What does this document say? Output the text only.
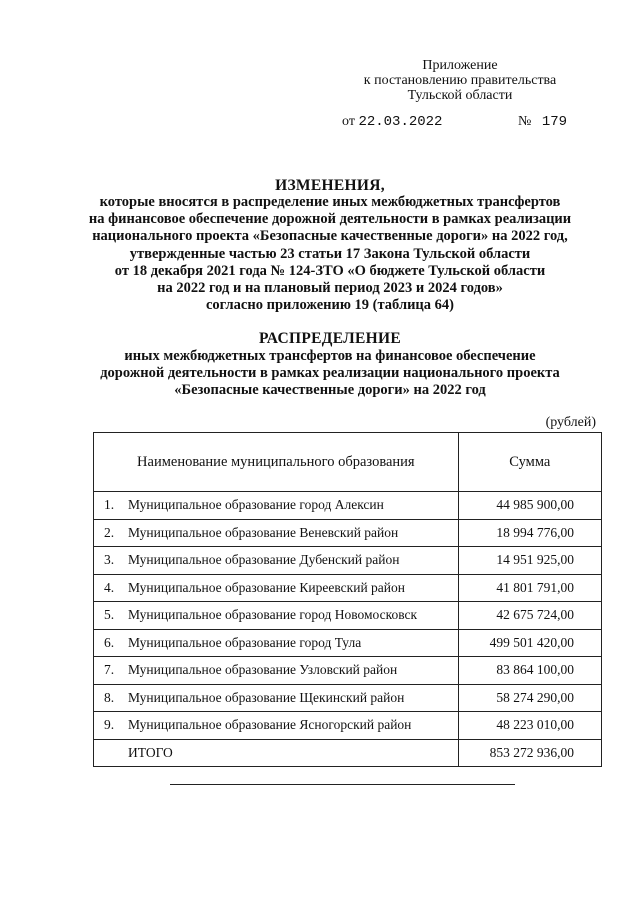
Приложение
к постановлению правительства
Тульской области
от 22.03.2022	№ 179
ИЗМЕНЕНИЯ,
которые вносятся в распределение иных межбюджетных трансфертов
на финансовое обеспечение дорожной деятельности в рамках реализации
национального проекта «Безопасные качественные дороги» на 2022 год,
утвержденные частью 23 статьи 17 Закона Тульской области
от 18 декабря 2021 года № 124-ЗТО «О бюджете Тульской области
на 2022 год и на плановый период 2023 и 2024 годов»
согласно приложению 19 (таблица 64)
РАСПРЕДЕЛЕНИЕ
иных межбюджетных трансфертов на финансовое обеспечение
дорожной деятельности в рамках реализации национального проекта
«Безопасные качественные дороги» на 2022 год
(рублей)
Наименование муниципального образования	Сумма
1. Муниципальное образование город Алексин	44 985 900,00
2. Муниципальное образование Веневский район	18 994 776,00
3. Муниципальное образование Дубенский район	14 951 925,00
4. Муниципальное образование Киреевский район	41 801 791,00
5. Муниципальное образование город Новомосковск	42 675 724,00
6. Муниципальное образование город Тула	499 501 420,00
7. Муниципальное образование Узловский район	83 864 100,00
8. Муниципальное образование Щекинский район	58 274 290,00
9. Муниципальное образование Ясногорский район	48 223 010,00
ИТОГО	853 272 936,00
